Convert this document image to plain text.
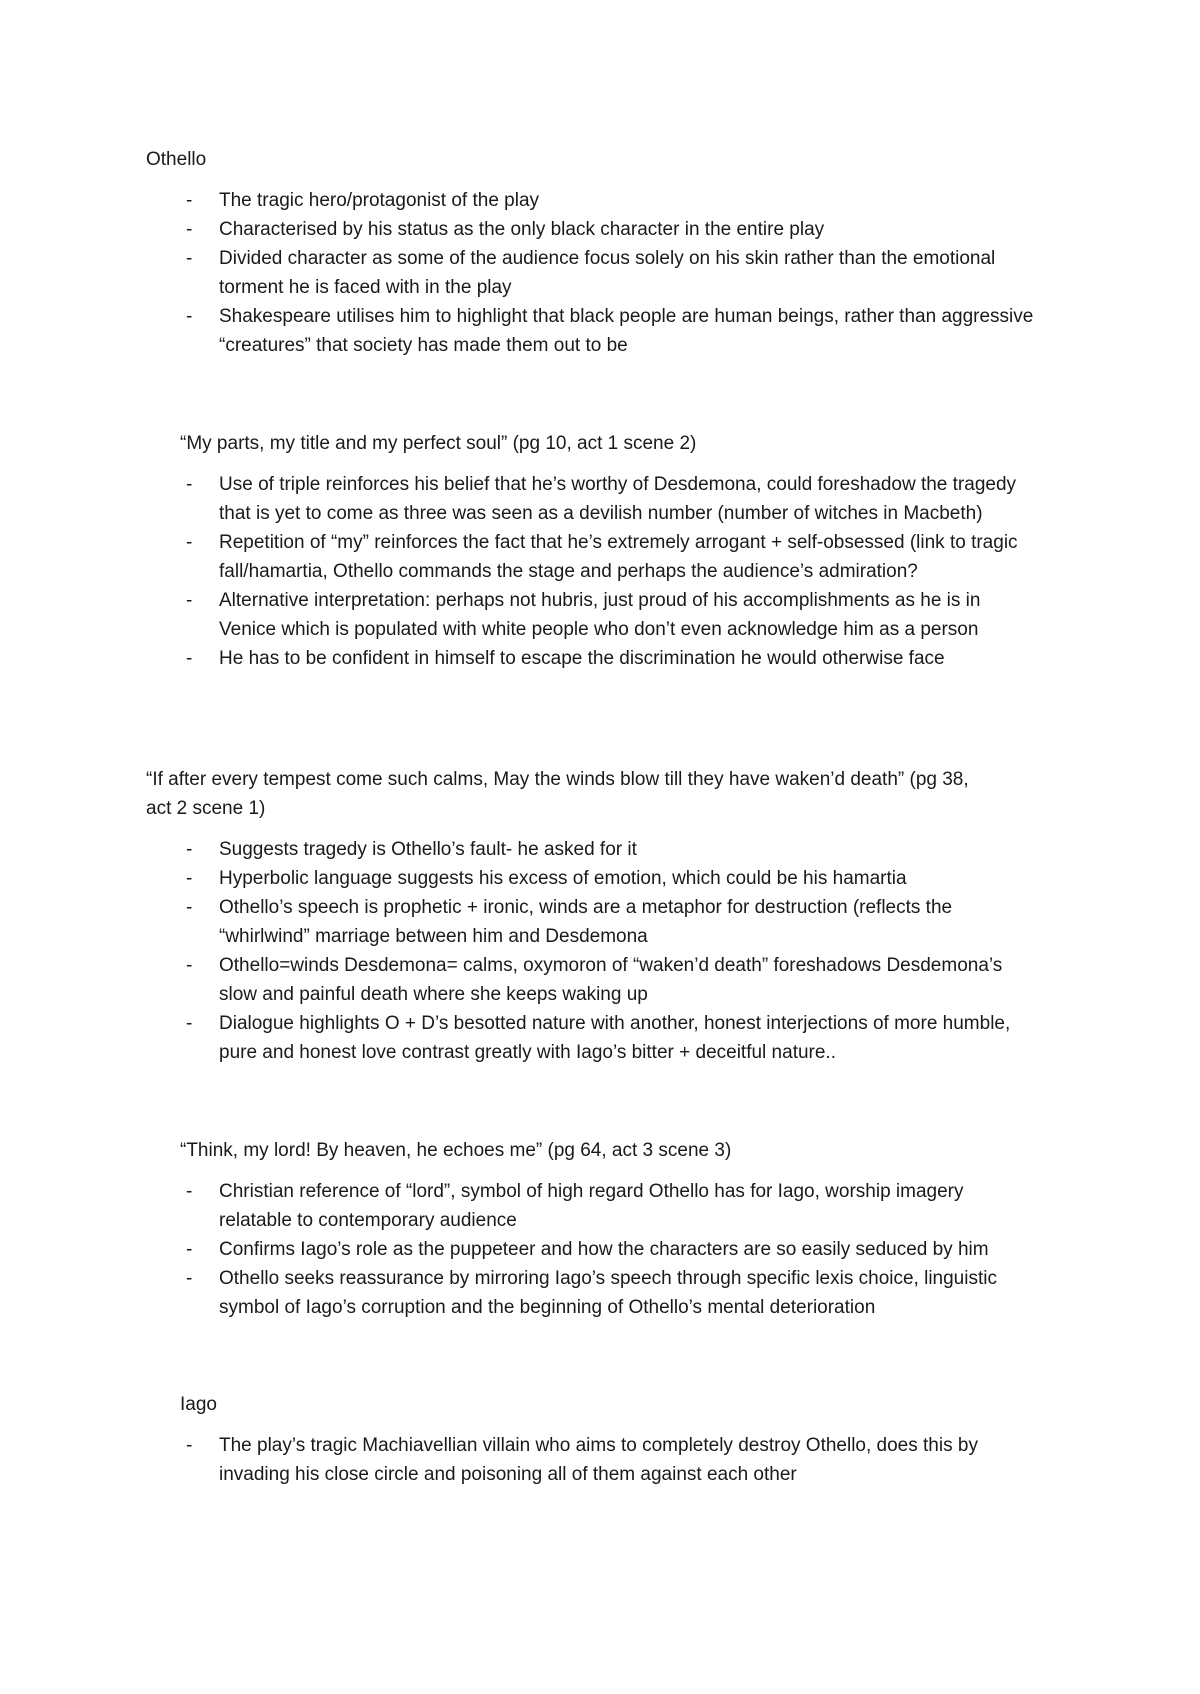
Othello

- The tragic hero/protagonist of the play
- Characterised by his status as the only black character in the entire play
- Divided character as some of the audience focus solely on his skin rather than the emotional torment he is faced with in the play
- Shakespeare utilises him to highlight that black people are human beings, rather than aggressive “creatures” that society has made them out to be

“My parts, my title and my perfect soul” (pg 10, act 1 scene 2)

- Use of triple reinforces his belief that he’s worthy of Desdemona, could foreshadow the tragedy that is yet to come as three was seen as a devilish number (number of witches in Macbeth)
- Repetition of “my” reinforces the fact that he’s extremely arrogant + self-obsessed (link to tragic fall/hamartia, Othello commands the stage and perhaps the audience’s admiration?
- Alternative interpretation: perhaps not hubris, just proud of his accomplishments as he is in Venice which is populated with white people who don’t even acknowledge him as a person
- He has to be confident in himself to escape the discrimination he would otherwise face

“If after every tempest come such calms, May the winds blow till they have waken’d death” (pg 38,

act 2 scene 1)

- Suggests tragedy is Othello’s fault- he asked for it
- Hyperbolic language suggests his excess of emotion, which could be his hamartia
- Othello’s speech is prophetic + ironic, winds are a metaphor for destruction (reflects the “whirlwind” marriage between him and Desdemona
- Othello=winds Desdemona= calms, oxymoron of “waken’d death” foreshadows Desdemona’s slow and painful death where she keeps waking up
- Dialogue highlights O + D’s besotted nature with another, honest interjections of more humble, pure and honest love contrast greatly with Iago’s bitter + deceitful nature..

“Think, my lord! By heaven, he echoes me” (pg 64, act 3 scene 3)

- Christian reference of “lord”, symbol of high regard Othello has for Iago, worship imagery relatable to contemporary audience
- Confirms Iago’s role as the puppeteer and how the characters are so easily seduced by him
- Othello seeks reassurance by mirroring Iago’s speech through specific lexis choice, linguistic symbol of Iago’s corruption and the beginning of Othello’s mental deterioration

Iago

- The play’s tragic Machiavellian villain who aims to completely destroy Othello, does this by invading his close circle and poisoning all of them against each other
